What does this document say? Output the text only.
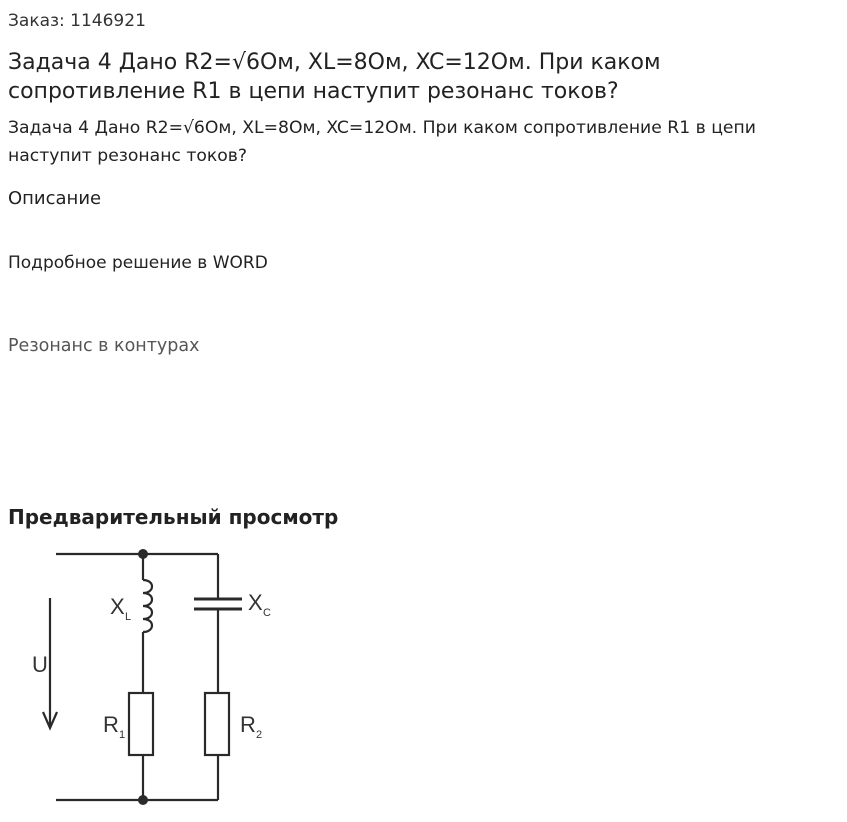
Заказ: 1146921
Задача 4 Дано R2=√6Ом, XL=8Ом, XC=12Ом. При каком сопротивление R1 в цепи наступит резонанс токов?

Задача 4 Дано R2=√6Ом, XL=8Ом, XC=12Ом. При каком сопротивление R1 в цепи наступит резонанс токов?

Описание
Подробное решение в WORD
Резонанс в контурах
Предварительный просмотр
U
X L
X C
R 1	R 2
